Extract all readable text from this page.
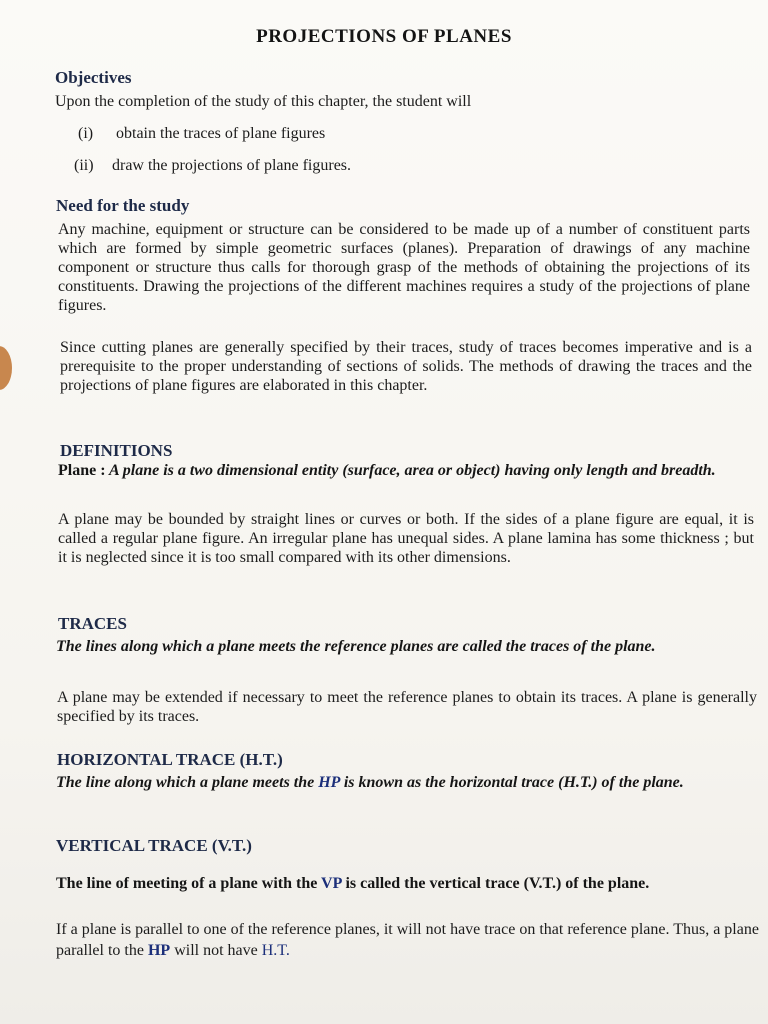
PROJECTIONS OF PLANES
Objectives
Upon the completion of the study of this chapter, the student will
(i) obtain the traces of plane figures
(ii) draw the projections of plane figures.
Need for the study
Any machine, equipment or structure can be considered to be made up of a number of constituent parts which are formed by simple geometric surfaces (planes). Preparation of drawings of any machine component or structure thus calls for thorough grasp of the methods of obtaining the projections of its constituents. Drawing the projections of the different machines requires a study of the projections of plane figures.
Since cutting planes are generally specified by their traces, study of traces becomes imperative and is a prerequisite to the proper understanding of sections of solids. The methods of drawing the traces and the projections of plane figures are elaborated in this chapter.
DEFINITIONS
Plane : A plane is a two dimensional entity (surface, area or object) having only length and breadth.
A plane may be bounded by straight lines or curves or both. If the sides of a plane figure are equal, it is called a regular plane figure. An irregular plane has unequal sides. A plane lamina has some thickness ; but it is neglected since it is too small compared with its other dimensions.
TRACES
The lines along which a plane meets the reference planes are called the traces of the plane.
A plane may be extended if necessary to meet the reference planes to obtain its traces. A plane is generally specified by its traces.
HORIZONTAL TRACE (H.T.)
The line along which a plane meets the HP is known as the horizontal trace (H.T.) of the plane.
VERTICAL TRACE (V.T.)
The line of meeting of a plane with the VP is called the vertical trace (V.T.) of the plane.
If a plane is parallel to one of the reference planes, it will not have trace on that reference plane. Thus, a plane parallel to the HP will not have H.T.
